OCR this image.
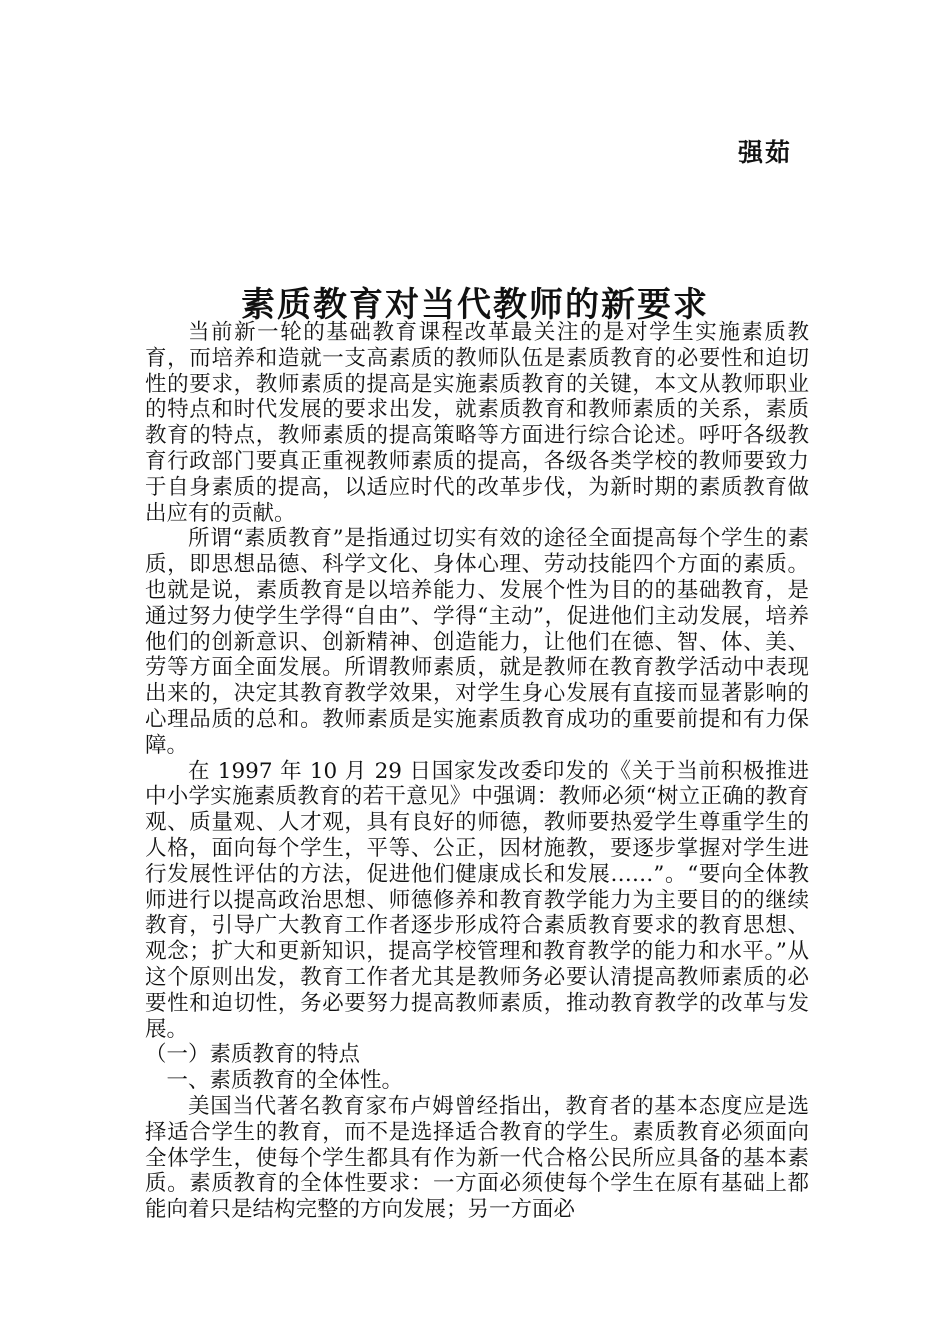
强茹
素质教育对当代教师的新要求

当前新一轮的基础教育课程改革最关注的是对学生实施素质教育，而培养和造就一支高素质的教师队伍是素质教育的必要性和迫切性的要求，教师素质的提高是实施素质教育的关键，本文从教师职业的特点和时代发展的要求出发，就素质教育和教师素质的关系，素质教育的特点，教师素质的提高策略等方面进行综合论述。呼吁各级教育行政部门要真正重视教师素质的提高，各级各类学校的教师要致力于自身素质的提高，以适应时代的改革步伐，为新时期的素质教育做出应有的贡献。

所谓“素质教育”是指通过切实有效的途径全面提高每个学生的素质，即思想品德、科学文化、身体心理、劳动技能四个方面的素质。也就是说，素质教育是以培养能力、发展个性为目的的基础教育，是通过努力使学生学得“自由”、学得“主动”，促进他们主动发展，培养他们的创新意识、创新精神、创造能力，让他们在德、智、体、美、劳等方面全面发展。所谓教师素质，就是教师在教育教学活动中表现出来的，决定其教育教学效果，对学生身心发展有直接而显著影响的心理品质的总和。教师素质是实施素质教育成功的重要前提和有力保障。

在 1997 年 10 月 29 日国家发改委印发的《关于当前积极推进中小学实施素质教育的若干意见》中强调：教师必须“树立正确的教育观、质量观、人才观，具有良好的师德，教师要热爱学生尊重学生的人格，面向每个学生，平等、公正，因材施教，要逐步掌握对学生进行发展性评估的方法，促进他们健康成长和发展……”。“要向全体教师进行以提高政治思想、师德修养和教育教学能力为主要目的的继续教育，引导广大教育工作者逐步形成符合素质教育要求的教育思想、观念；扩大和更新知识，提高学校管理和教育教学的能力和水平。”从这个原则出发，教育工作者尤其是教师务必要认清提高教师素质的必要性和迫切性，务必要努力提高教师素质，推动教育教学的改革与发展。

（一）素质教育的特点

一、素质教育的全体性。

美国当代著名教育家布卢姆曾经指出，教育者的基本态度应是选择适合学生的教育，而不是选择适合教育的学生。素质教育必须面向全体学生，使每个学生都具有作为新一代合格公民所应具备的基本素质。素质教育的全体性要求：一方面必须使每个学生在原有基础上都能向着只是结构完整的方向发展；另一方面必
